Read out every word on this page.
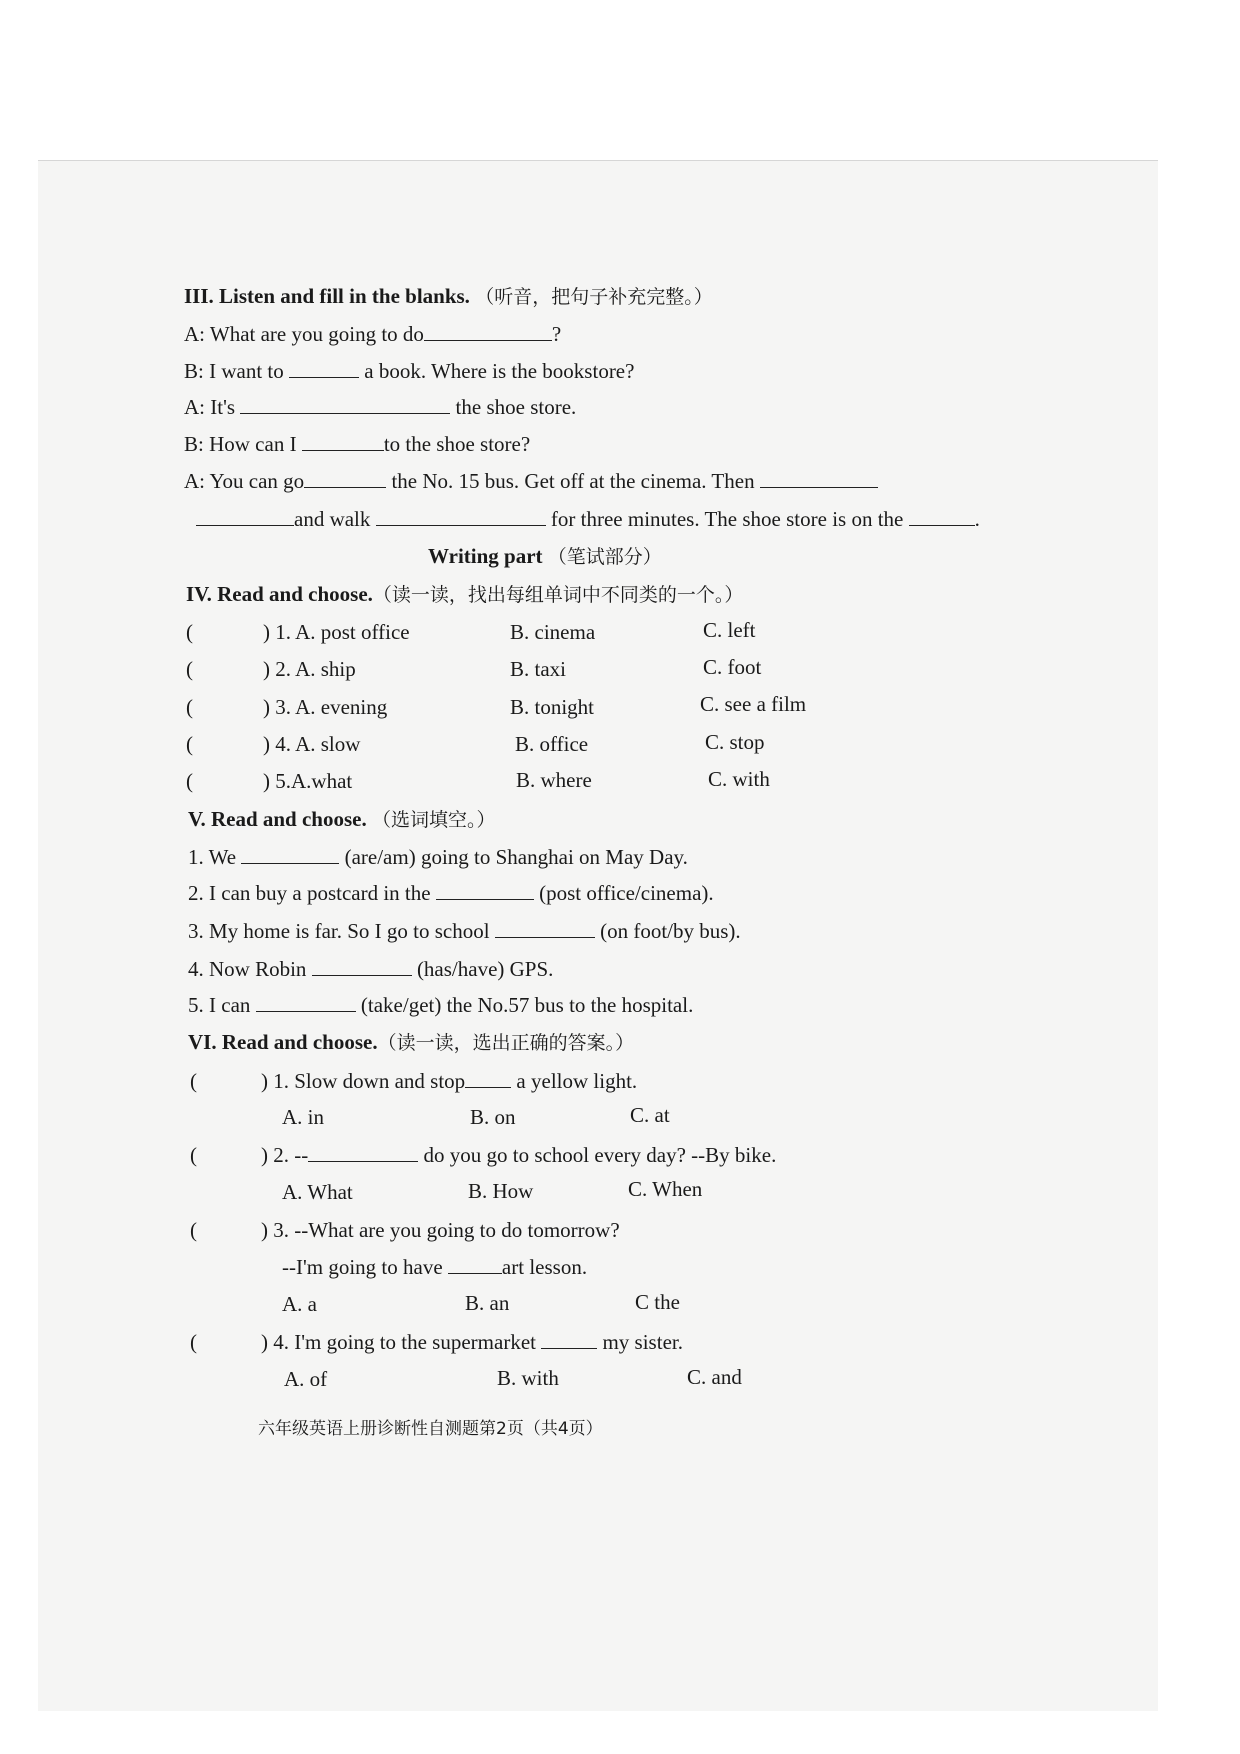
III. Listen and fill in the blanks. （听音，把句子补充完整。）
A: What are you going to do	?
B: I want to	a book. Where is the bookstore?
A: It's	the shoe store.
B: How can I	to the shoe store?
A: You can go	the No. 15 bus. Get off at the cinema. Then
and walk	for three minutes. The shoe store is on the	.
Writing part （笔试部分）
IV. Read and choose.（读一读，找出每组单词中不同类的一个。）
(	) 1. A. post office	B. cinema	C. left
(	) 2. A. ship	B. taxi	C. foot
(	) 3. A. evening	B. tonight	C. see a film
(	) 4. A. slow	B. office	C. stop
(	) 5.A.what	B. where	C. with
V. Read and choose. （选词填空。）
1. We	(are/am) going to Shanghai on May Day.
2. I can buy a postcard in the	(post office/cinema).
3. My home is far. So I go to school	(on foot/by bus).
4. Now Robin	(has/have) GPS.
5. I can	(take/get) the No.57 bus to the hospital.
VI. Read and choose.（读一读，选出正确的答案。）
(	) 1. Slow down and stop a yellow light.
A. in	B. on	C. at
(	) 2. --	do you go to school every day? --By bike.
A. What	B. How	C. When
(	) 3. --What are you going to do tomorrow?
--I'm going to have	art lesson.
A. a	B. an	C the
(	) 4. I'm going to the supermarket	my sister.
A. of	B. with	C. and
六年级英语上册诊断性自测题第2页（共4页）
